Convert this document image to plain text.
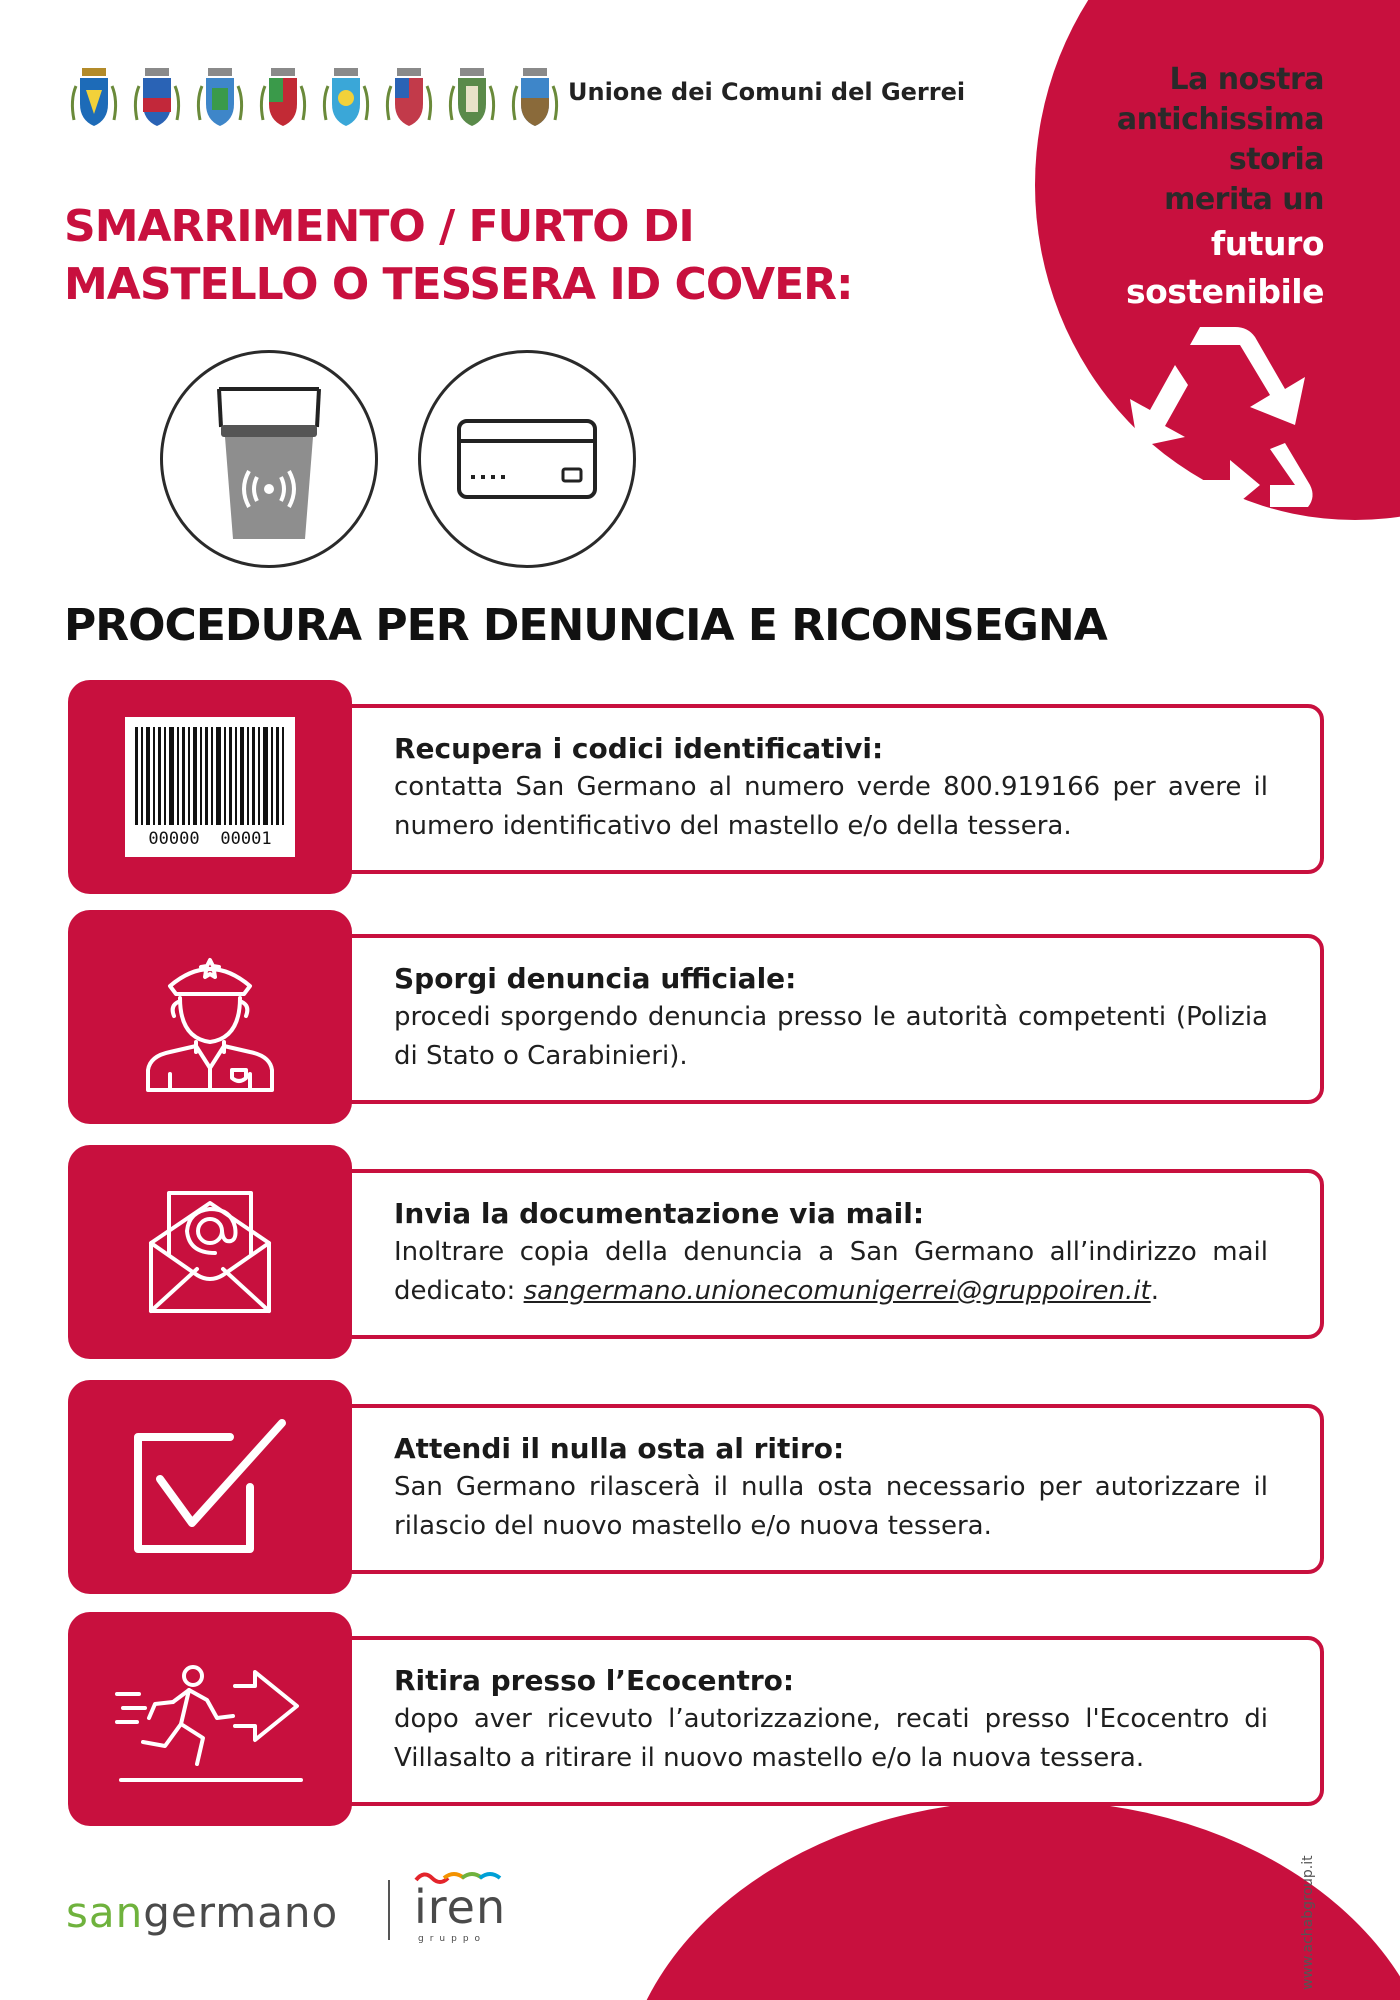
Unione dei Comuni del Gerrei	La nostra
antichissima
storia
merita un
futuro
sostenibile
SMARRIMENTO / FURTO DI
MASTELLO O TESSERA ID COVER:
PROCEDURA PER DENUNCIA E RICONSEGNA
00000 00001
Recupera i codici identificativi:
contatta San Germano al numero verde 800.919166 per avere il numero identificativo del mastello e/o della tessera.
Sporgi denuncia ufficiale:
procedi sporgendo denuncia presso le autorità competenti (Polizia di Stato o Carabinieri).
Invia la documentazione via mail:
Inoltrare copia della denuncia a San Germano all’indirizzo mail dedicato: sangermano.unionecomunigerrei@gruppoiren.it.
Attendi il nulla osta al ritiro:
San Germano rilascerà il nulla osta necessario per autorizzare il rilascio del nuovo mastello e/o nuova tessera.
Ritira presso l’Ecocentro:
dopo aver ricevuto l’autorizzazione, recati presso l'Ecocentro di Villasalto a ritirare il nuovo mastello e/o la nuova tessera.
sangermano iren
gruppo	www.achabgroup.it
